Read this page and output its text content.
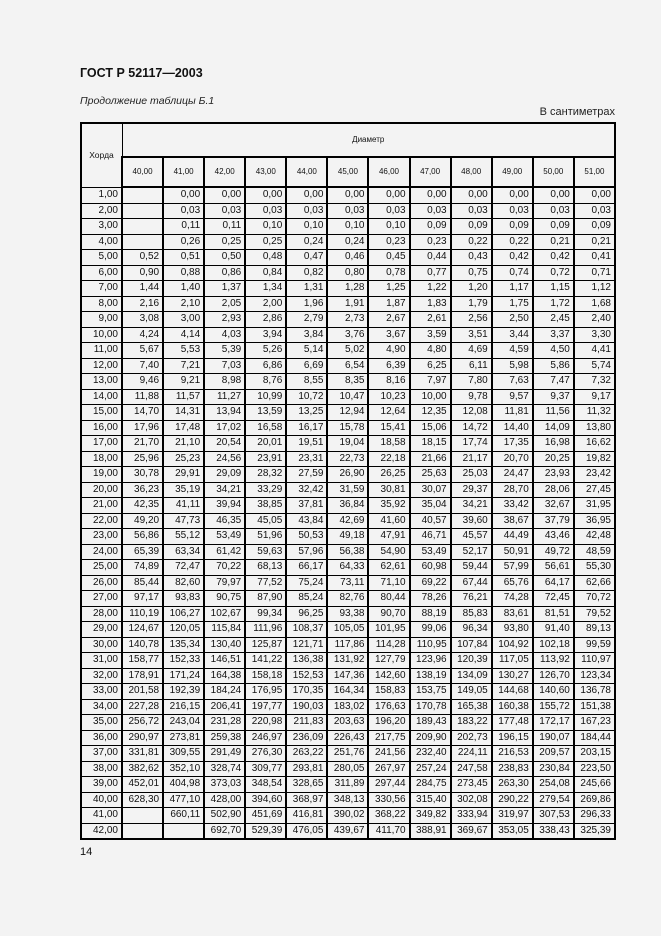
ГОСТ Р 52117—2003
Продолжение таблицы Б.1
В сантиметрах
Хорда	Диаметр											
	40,00	41,00	42,00	43,00	44,00	45,00	46,00	47,00	48,00	49,00	50,00	51,00
1,00		0,00	0,00	0,00	0,00	0,00	0,00	0,00	0,00	0,00	0,00	0,00
2,00		0,03	0,03	0,03	0,03	0,03	0,03	0,03	0,03	0,03	0,03	0,03
3,00		0,11	0,11	0,10	0,10	0,10	0,10	0,09	0,09	0,09	0,09	0,09
4,00		0,26	0,25	0,25	0,24	0,24	0,23	0,23	0,22	0,22	0,21	0,21
5,00	0,52	0,51	0,50	0,48	0,47	0,46	0,45	0,44	0,43	0,42	0,42	0,41
6,00	0,90	0,88	0,86	0,84	0,82	0,80	0,78	0,77	0,75	0,74	0,72	0,71
7,00	1,44	1,40	1,37	1,34	1,31	1,28	1,25	1,22	1,20	1,17	1,15	1,12
8,00	2,16	2,10	2,05	2,00	1,96	1,91	1,87	1,83	1,79	1,75	1,72	1,68
9,00	3,08	3,00	2,93	2,86	2,79	2,73	2,67	2,61	2,56	2,50	2,45	2,40
10,00	4,24	4,14	4,03	3,94	3,84	3,76	3,67	3,59	3,51	3,44	3,37	3,30
11,00	5,67	5,53	5,39	5,26	5,14	5,02	4,90	4,80	4,69	4,59	4,50	4,41
12,00	7,40	7,21	7,03	6,86	6,69	6,54	6,39	6,25	6,11	5,98	5,86	5,74
13,00	9,46	9,21	8,98	8,76	8,55	8,35	8,16	7,97	7,80	7,63	7,47	7,32
14,00	11,88	11,57	11,27	10,99	10,72	10,47	10,23	10,00	9,78	9,57	9,37	9,17
15,00	14,70	14,31	13,94	13,59	13,25	12,94	12,64	12,35	12,08	11,81	11,56	11,32
16,00	17,96	17,48	17,02	16,58	16,17	15,78	15,41	15,06	14,72	14,40	14,09	13,80
17,00	21,70	21,10	20,54	20,01	19,51	19,04	18,58	18,15	17,74	17,35	16,98	16,62
18,00	25,96	25,23	24,56	23,91	23,31	22,73	22,18	21,66	21,17	20,70	20,25	19,82
19,00	30,78	29,91	29,09	28,32	27,59	26,90	26,25	25,63	25,03	24,47	23,93	23,42
20,00	36,23	35,19	34,21	33,29	32,42	31,59	30,81	30,07	29,37	28,70	28,06	27,45
21,00	42,35	41,11	39,94	38,85	37,81	36,84	35,92	35,04	34,21	33,42	32,67	31,95
22,00	49,20	47,73	46,35	45,05	43,84	42,69	41,60	40,57	39,60	38,67	37,79	36,95
23,00	56,86	55,12	53,49	51,96	50,53	49,18	47,91	46,71	45,57	44,49	43,46	42,48
24,00	65,39	63,34	61,42	59,63	57,96	56,38	54,90	53,49	52,17	50,91	49,72	48,59
25,00	74,89	72,47	70,22	68,13	66,17	64,33	62,61	60,98	59,44	57,99	56,61	55,30
26,00	85,44	82,60	79,97	77,52	75,24	73,11	71,10	69,22	67,44	65,76	64,17	62,66
27,00	97,17	93,83	90,75	87,90	85,24	82,76	80,44	78,26	76,21	74,28	72,45	70,72
28,00	110,19	106,27	102,67	99,34	96,25	93,38	90,70	88,19	85,83	83,61	81,51	79,52
29,00	124,67	120,05	115,84	111,96	108,37	105,05	101,95	99,06	96,34	93,80	91,40	89,13
30,00	140,78	135,34	130,40	125,87	121,71	117,86	114,28	110,95	107,84	104,92	102,18	99,59
31,00	158,77	152,33	146,51	141,22	136,38	131,92	127,79	123,96	120,39	117,05	113,92	110,97
32,00	178,91	171,24	164,38	158,18	152,53	147,36	142,60	138,19	134,09	130,27	126,70	123,34
33,00	201,58	192,39	184,24	176,95	170,35	164,34	158,83	153,75	149,05	144,68	140,60	136,78
34,00	227,28	216,15	206,41	197,77	190,03	183,02	176,63	170,78	165,38	160,38	155,72	151,38
35,00	256,72	243,04	231,28	220,98	211,83	203,63	196,20	189,43	183,22	177,48	172,17	167,23
36,00	290,97	273,81	259,38	246,97	236,09	226,43	217,75	209,90	202,73	196,15	190,07	184,44
37,00	331,81	309,55	291,49	276,30	263,22	251,76	241,56	232,40	224,11	216,53	209,57	203,15
38,00	382,62	352,10	328,74	309,77	293,81	280,05	267,97	257,24	247,58	238,83	230,84	223,50
39,00	452,01	404,98	373,03	348,54	328,65	311,89	297,44	284,75	273,45	263,30	254,08	245,66
40,00	628,30	477,10	428,00	394,60	368,97	348,13	330,56	315,40	302,08	290,22	279,54	269,86
41,00		660,11	502,90	451,69	416,81	390,02	368,22	349,82	333,94	319,97	307,53	296,33
42,00			692,70	529,39	476,05	439,67	411,70	388,91	369,67	353,05	338,43	325,39
14
